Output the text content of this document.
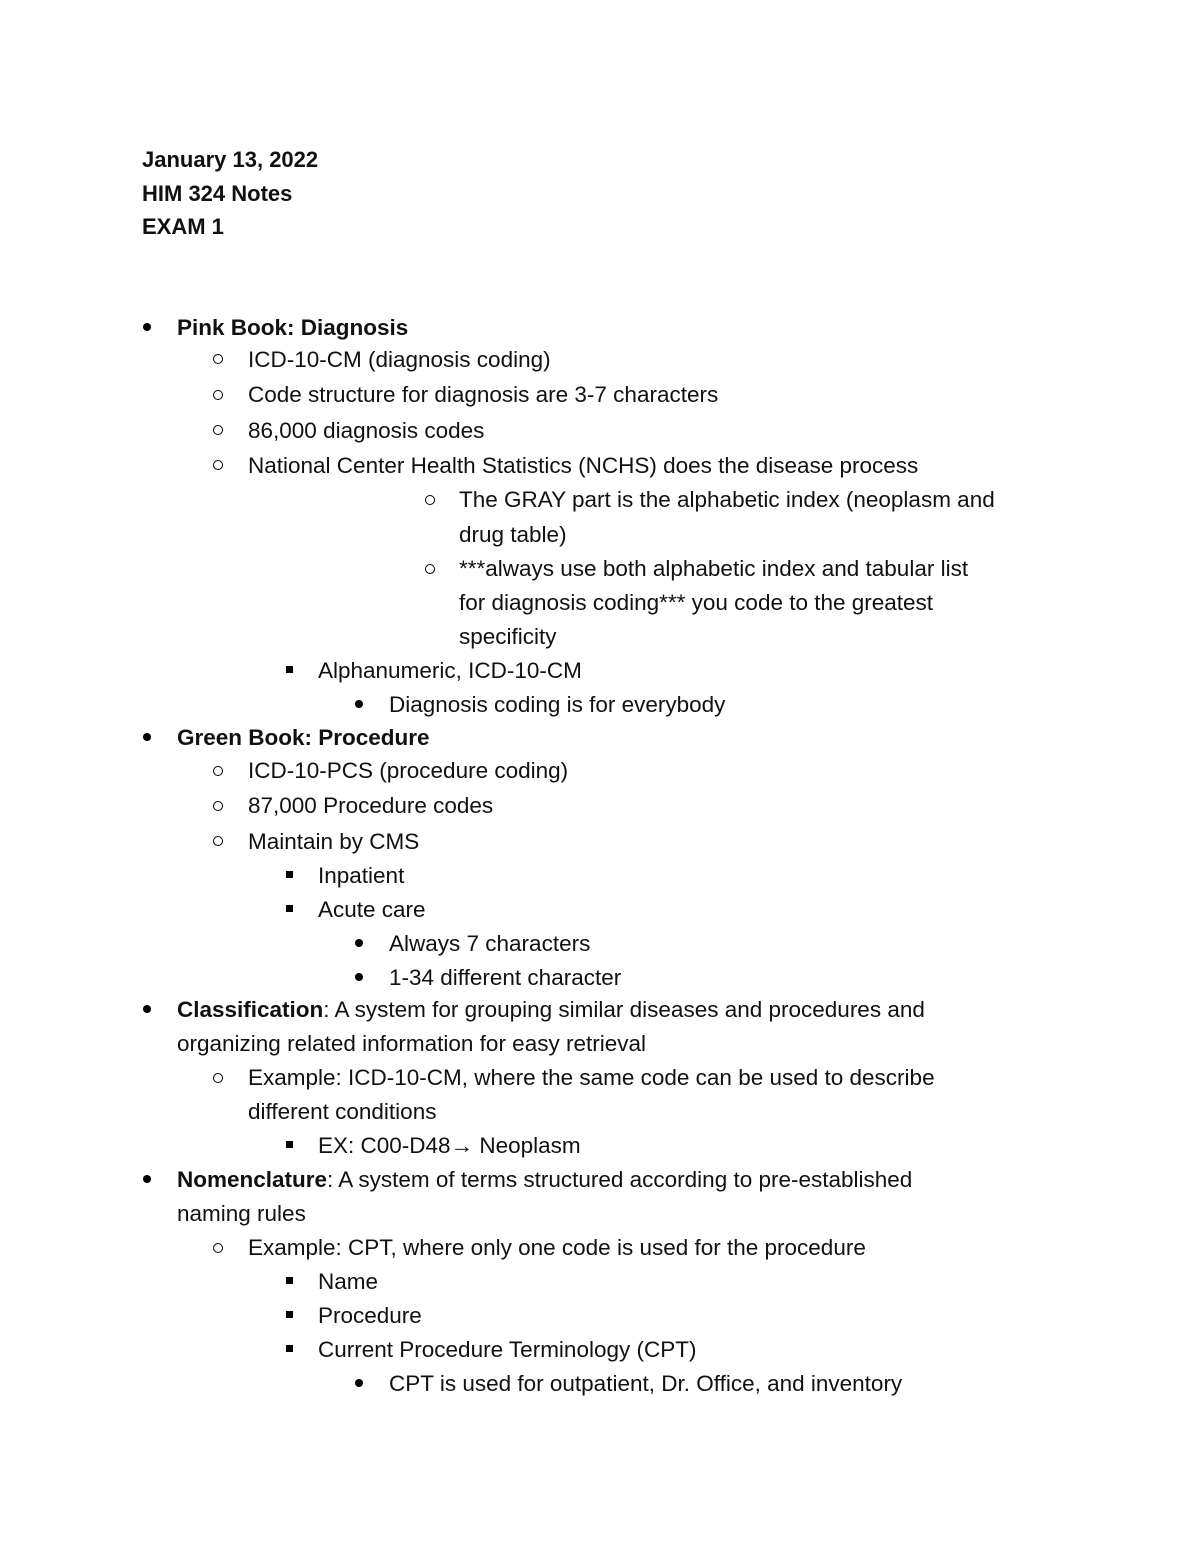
January 13, 2022
HIM 324 Notes
EXAM 1
Pink Book: Diagnosis
ICD-10-CM (diagnosis coding)
Code structure for diagnosis are 3-7 characters
86,000 diagnosis codes
National Center Health Statistics (NCHS) does the disease process
The GRAY part is the alphabetic index (neoplasm and
drug table)
***always use both alphabetic index and tabular list
for diagnosis coding*** you code to the greatest
specificity
Alphanumeric, ICD-10-CM
Diagnosis coding is for everybody
Green Book: Procedure
ICD-10-PCS (procedure coding)
87,000 Procedure codes
Maintain by CMS
Inpatient
Acute care
Always 7 characters
1-34 different character
Classification: A system for grouping similar diseases and procedures and
organizing related information for easy retrieval
Example: ICD-10-CM, where the same code can be used to describe
different conditions
EX: C00-D48→ Neoplasm
Nomenclature: A system of terms structured according to pre-established
naming rules
Example: CPT, where only one code is used for the procedure
Name
Procedure
Current Procedure Terminology (CPT)
CPT is used for outpatient, Dr. Office, and inventory
